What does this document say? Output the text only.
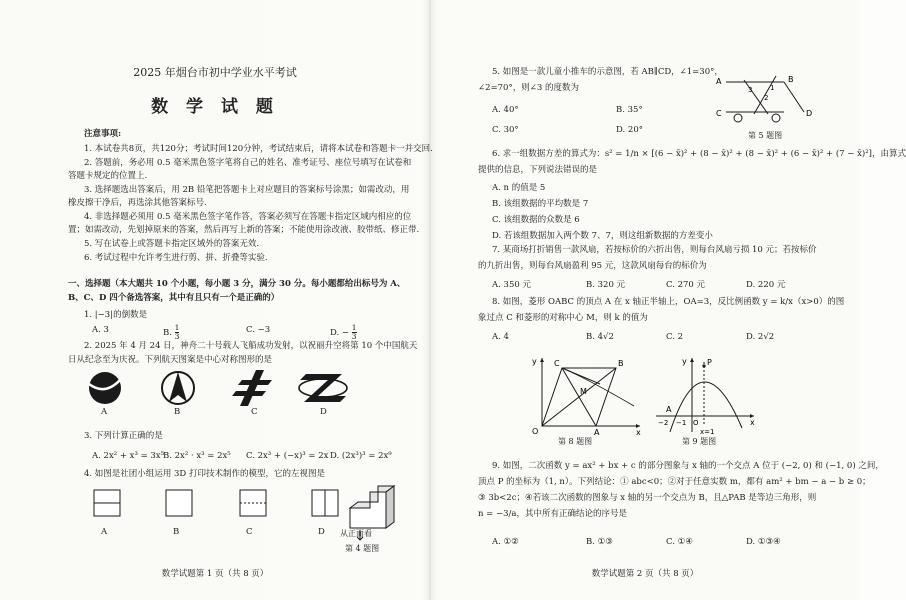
2025 年烟台市初中学业水平考试
数 学 试 题
注意事项:
1. 本试卷共8页，共120分；考试时间120分钟，考试结束后，请将本试卷和答题卡一并交回.
2. 答题前，务必用 0.5 毫米黑色签字笔将自己的姓名、准考证号、座位号填写在试卷和
答题卡规定的位置上.
3. 选择题选出答案后，用 2B 铅笔把答题卡上对应题目的答案标号涂黑；如需改动，用
橡皮擦干净后，再选涂其他答案标号.
4. 非选择题必须用 0.5 毫米黑色签字笔作答，答案必须写在答题卡指定区域内相应的位
置；如需改动，先划掉原来的答案，然后再写上新的答案；不能使用涂改液、胶带纸、修正带.
5. 写在试卷上或答题卡指定区域外的答案无效.
6. 考试过程中允许考生进行剪、拼、折叠等实验.
一、选择题（本大题共 10 个小题，每小题 3 分，满分 30 分。每小题都给出标号为 A、
B、C、D 四个备选答案，其中有且只有一个是正确的）
1. |−3|的倒数是
A. 3	B. $\frac{1}{3}$	C. −3	D. − $\frac{1}{3}$
2. 2025 年 4 月 24 日，神舟二十号载人飞船成功发射，以祝丽升空将第 10 个中国航天
日从纪念至为庆祝。下列航天图案是中心对称图形的是
A	B	C	D
3. 下列计算正确的是
A. 2x² + x³ = 3x⁵
B. 2x² · x³ = 2x⁵ C. 2x³ + (−x)³ = 2x D. (2x³)³ = 2x⁹
4. 如图是社团小组运用 3D 打印技术制作的模型，它的左视图是
A	B	C	D 从正面看
第 4 题图
数学试题第 1 页（共 8 页）
5. 如图是一款儿童小推车的示意图，若 AB∥CD，∠1=30°，
∠2=70°，则∠3 的度数为
A. 40°	B. 35°
C. 30°	D. 20°
A	B
C	D
1
2
3
第 5 题图
6. 求一组数据方差的算式为：s² = 1/n × [(6 − x̄)² + (8 − x̄)² + (8 − x̄)² + (6 − x̄)² + (7 − x̄)²]，由算式
提供的信息，下列说法错误的是
A. n 的值是 5
B. 该组数据的平均数是 7
C. 该组数据的众数是 6
D. 若该组数据加入两个数 7、7，则这组新数据的方差变小
7. 某商场打折销售一款风扇，若按标价的六折出售，则每台风扇亏损 10 元；若按标价
的九折出售，则每台风扇盈利 95 元，这款风扇每台的标价为
A. 350 元	B. 320 元	C. 270 元	D. 220 元
8. 如图，菱形 OABC 的顶点 A 在 x 轴正半轴上，OA=3，反比例函数 y = k/x（x>0）的图
象过点 C 和菱形的对称中心 M，则 k 的值为
A. 4	B. 4√2	C. 2	D. 2√2
y C	B
M
O	A	x
第 8 题图
y	P
A
−2 −1 O	x
x=1
第 9 题图
9. 如图，二次函数 y = ax² + bx + c 的部分图象与 x 轴的一个交点 A 位于 (−2, 0) 和 (−1, 0) 之间，
顶点 P 的坐标为（1, n）。下列结论：① abc<0；②对于任意实数 m，都有 am² + bm − a − b ≥ 0；
③ 3b<2c；④若该二次函数的图象与 x 轴的另一个交点为 B，且△PAB 是等边三角形，则
n = −3/a，其中所有正确结论的序号是
A. ①②	B. ①③	C. ①④	D. ①③④
数学试题第 2 页（共 8 页）
